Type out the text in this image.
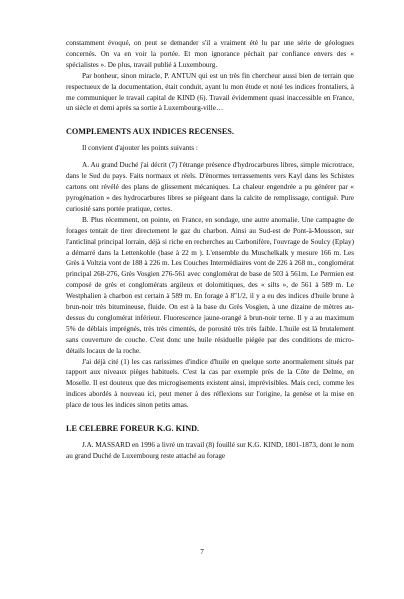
constamment évoqué, on peut se demander s'il a vraiment été lu par une série de géologues concernés. On va en voir la portée. Et mon ignorance péchait par confiance envers des « spécialistes ». De plus, travail publié à Luxembourg.

Par bonheur, sinon miracle, P. ANTUN qui est un très fin chercheur aussi bien de terrain que respectueux de la documentation, était conduit, ayant lu mon étude et noté les indices frontaliers, à me communiquer le travail capital de KIND (6). Travail évidemment quasi inaccessible en France, un siècle et demi après sa sortie à Luxembourg-ville…

COMPLEMENTS AUX INDICES RECENSES.

Il convient d'ajouter les points suivants :

A. Au grand Duché j'ai décrit (7) l'étrange présence d'hydrocarbures libres, simple microtrace, dans le Sud du pays. Faits normaux et réels. D'énormes terrassements vers Kayl dans les Schistes cartons ont révélé des plans de glissement mécaniques. La chaleur engendrée a pu générer par « pyrogénation » des hydrocarbures libres se piégeant dans la calcite de remplissage, contiguë. Pure curiosité sans portée pratique, certes.

B. Plus récemment, on pointe, en France, en sondage, une autre anomalie. Une campagne de forages tentait de tirer directement le gaz du charbon. Ainsi au Sud-est de Pont-à-Mousson, sur l'anticlinal principal lorrain, déjà si riche en recherches au Carbonifère, l'ouvrage de Soulcy (Eplay) a démarré dans la Lettenkohle (base à 22 m ). L'ensemble du Muschelkalk y mesure 166 m. Les Grès à Voltzia vont de 188 à 226 m. Les Couches Intermédiaires vont de 226 à 268 m., conglomérat principal 268-276, Grès Vosgien 276-561 avec conglomérat de base de 503 à 561m. Le Permien est composé de grès et conglomérats argileux et dolomitiques, des « silts », de 561 à 589 m. Le Westphalien à charbon est certain à 589 m. En forage à 8''1/2, il y a eu des indices d'huile brune à brun-noir très bitumineuse, fluide. On est à la base du Grès Vosgien, à une dizaine de mètres au-dessus du conglomérat inférieur. Fluorescence jaune-orangé à brun-noir terne. Il y a au maximum 5% de déblais imprégnés, très très cimentés, de porosité très très faible. L'huile est là brutalement sans couverture de couche. C'est donc une huile résiduelle piégée par des conditions de micro-détails locaux de la roche.

J'ai déjà cité (1) les cas rarissimes d'indice d'huile en quelque sorte anormalement situés par rapport aux niveaux pièges habituels. C'est la cas par exemple près de la Côte de Delme, en Moselle. Il est douteux que des microgisements existent ainsi, imprévisibles. Mais ceci, comme les indices abordés à nouveau ici, peut mener à des réflexions sur l'origine, la genèse et la mise en place de tous les indices sinon petits amas.

LE CELEBRE FOREUR K.G. KIND.

J.A. MASSARD en 1996 a livré un travail (8) fouillé sur K.G. KIND, 1801-1873, dont le nom au grand Duché de Luxembourg reste attaché au forage

7
